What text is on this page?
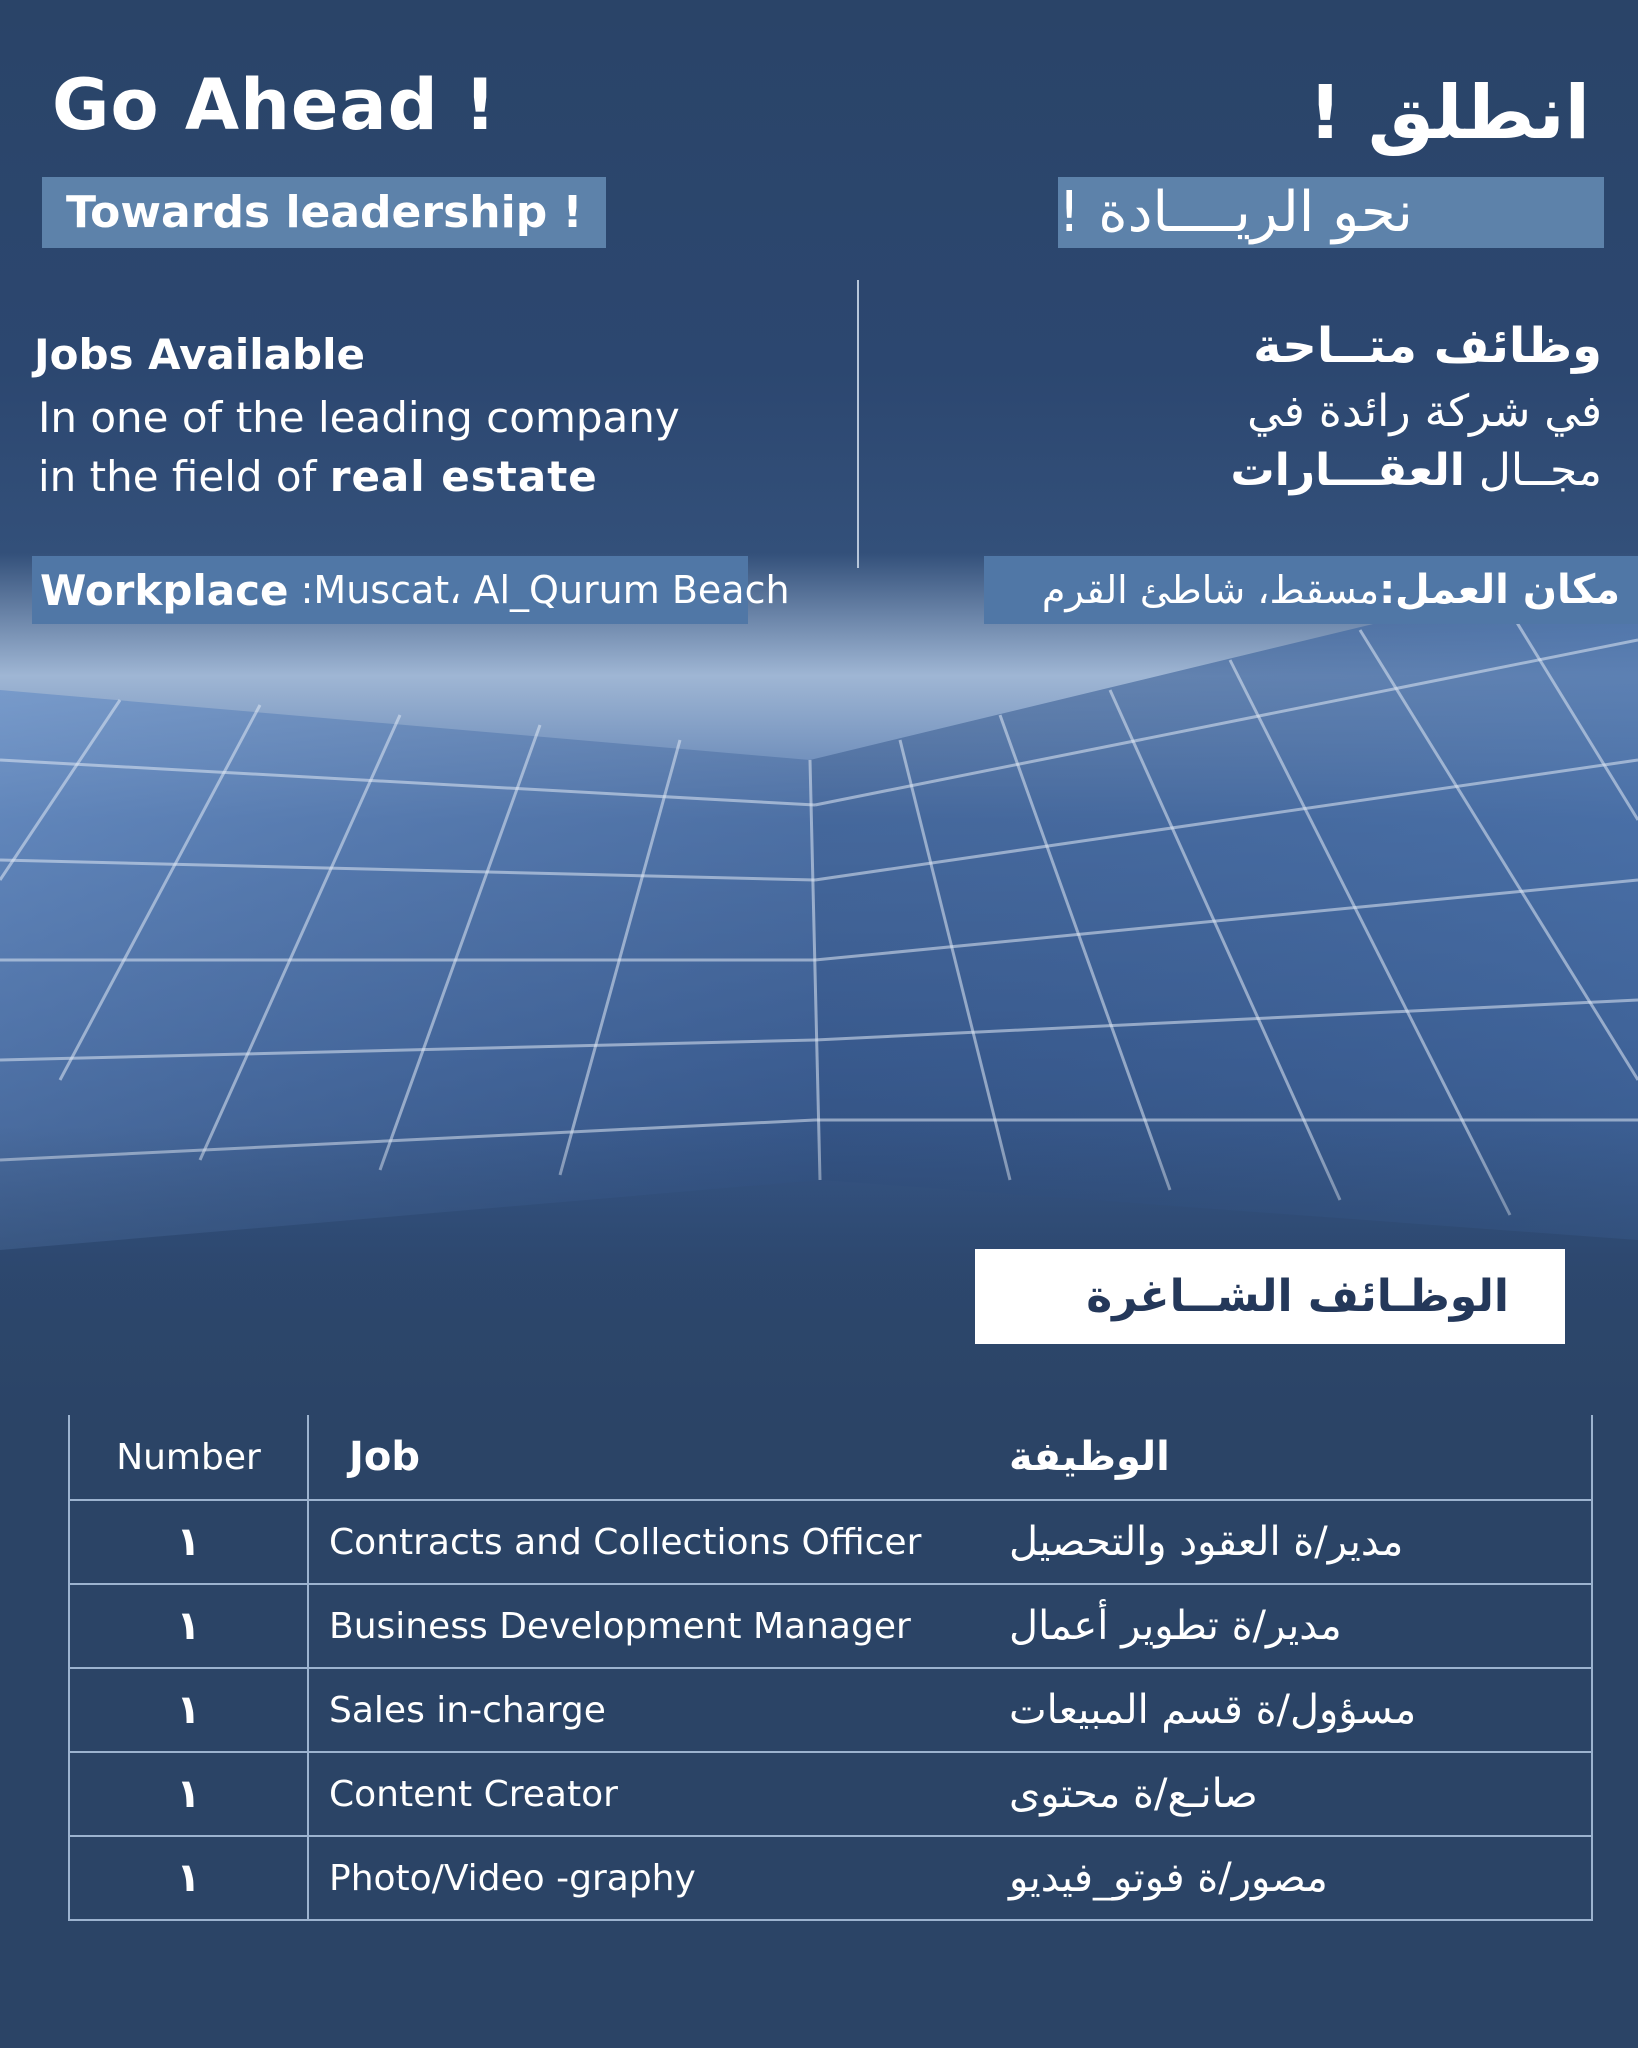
Go Ahead !	انطلق !
Towards leadership !	نحو الريــــادة !

Jobs Available

In one of the leading company

in the field of real estate

وظائف متــاحة

في شركة رائدة في

مجــال العقـــارات

Workplace
:Muscat، Al_Qurum Beach	مكان العمل:
مسقط، شاطئ القرم
الوظـائف الشــاغرة
Number	Job	الوظيفة
١	Contracts and Collections Officer	مدير/ة العقود والتحصيل
١	Business Development Manager	مدير/ة تطوير أعمال
١	Sales in-charge	مسؤول/ة قسم المبيعات
١	Content Creator	صانـع/ة محتوى
١	Photo/Video -graphy	مصور/ة فوتو_فيديو
